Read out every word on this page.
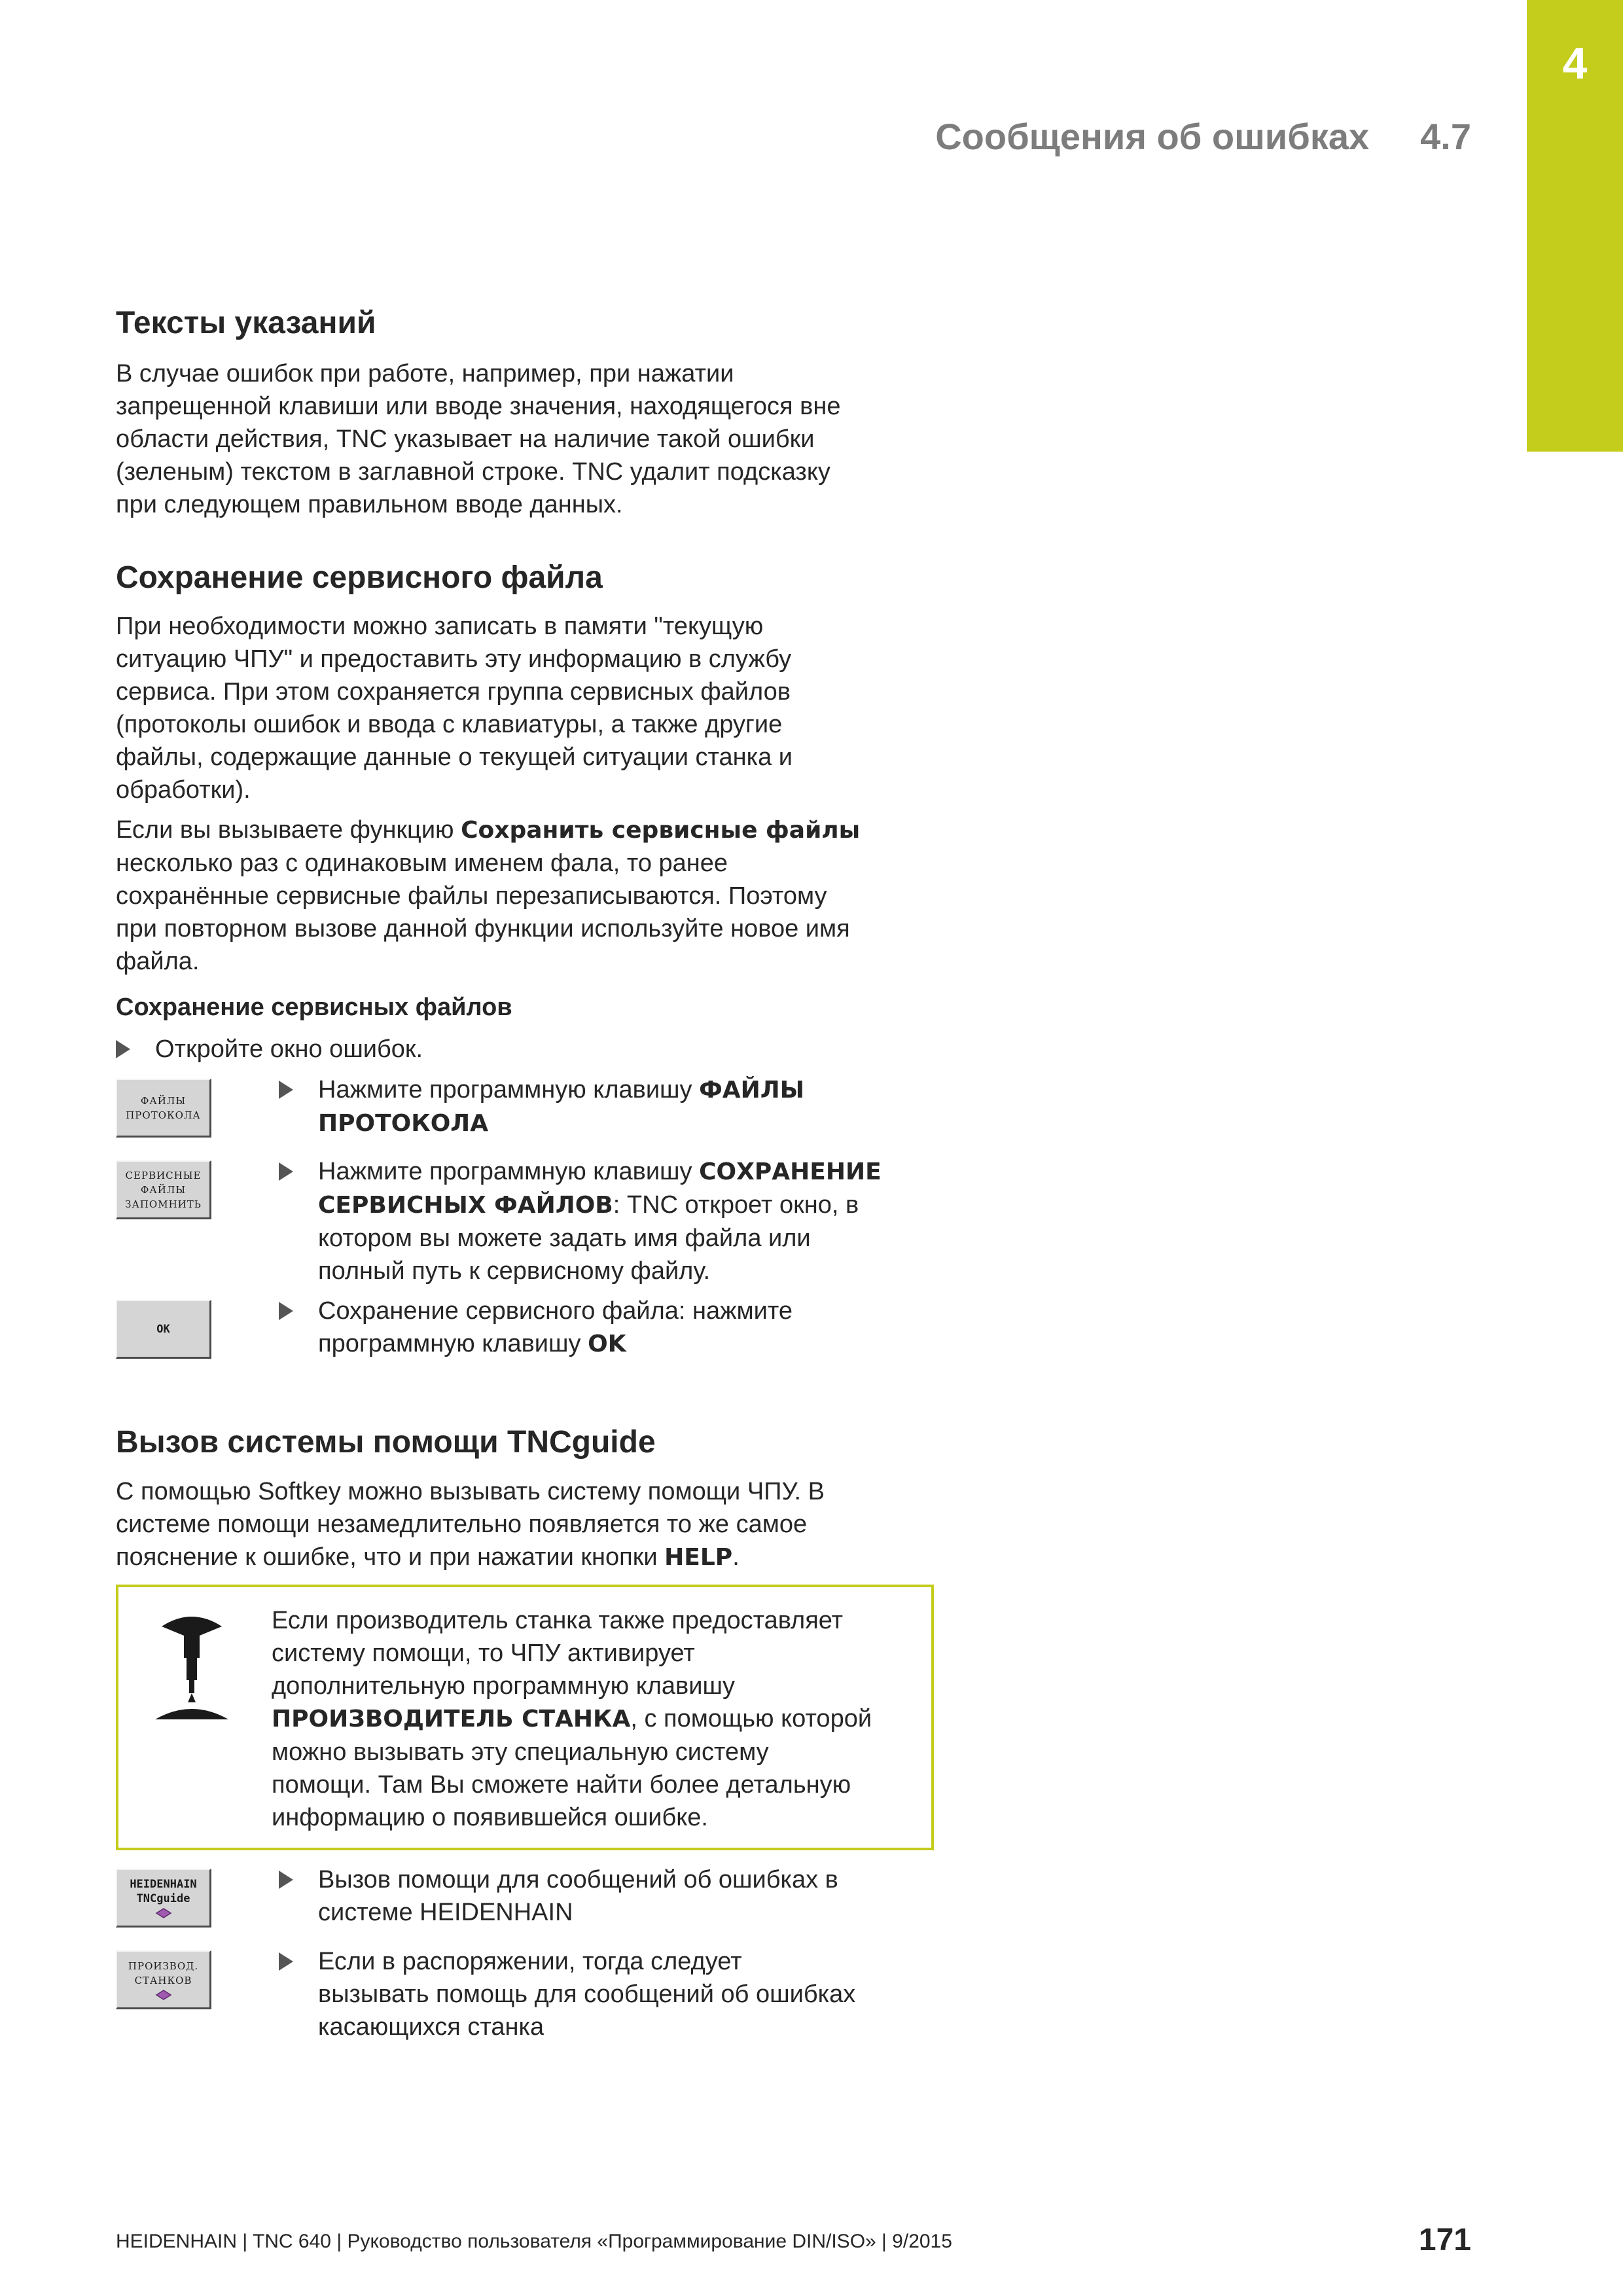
4
Сообщения об ошибках 4.7
Тексты указаний
В случае ошибок при работе, например, при нажатии
запрещенной клавиши или вводе значения, находящегося вне
области действия, TNC указывает на наличие такой ошибки
(зеленым) текстом в заглавной строке. TNC удалит подсказку
при следующем правильном вводе данных.
Сохранение сервисного файла
При необходимости можно записать в памяти "текущую
ситуацию ЧПУ" и предоставить эту информацию в службу
сервиса. При этом сохраняется группа сервисных файлов
(протоколы ошибок и ввода с клавиатуры, а также другие
файлы, содержащие данные о текущей ситуации станка и
обработки).
Если вы вызываете функцию Сохранить сервисные файлы
несколько раз с одинаковым именем фала, то ранее
сохранённые сервисные файлы перезаписываются. Поэтому
при повторном вызове данной функции используйте новое имя
файла.
Сохранение сервисных файлов
Откройте окно ошибок.
ФАЙЛЫ
ПРОТОКОЛА
Нажмите программную клавишу ФАЙЛЫ
ПРОТОКОЛА
СЕРВИСНЫЕ
ФАЙЛЫ
ЗАПОМНИТЬ
Нажмите программную клавишу СОХРАНЕНИЕ
СЕРВИСНЫХ ФАЙЛОВ: TNC откроет окно, в
котором вы можете задать имя файла или
полный путь к сервисному файлу.
OK
Сохранение сервисного файла: нажмите
программную клавишу OK
Вызов системы помощи TNCguide
С помощью Softkey можно вызывать систему помощи ЧПУ. В
системе помощи незамедлительно появляется то же самое
пояснение к ошибке, что и при нажатии кнопки HELP.
Если производитель станка также предоставляет
систему помощи, то ЧПУ активирует
дополнительную программную клавишу
ПРОИЗВОДИТЕЛЬ СТАНКА, с помощью которой
можно вызывать эту специальную систему
помощи. Там Вы сможете найти более детальную
информацию о появившейся ошибке.
HEIDENHAIN
TNCguide
Вызов помощи для сообщений об ошибках в
системе HEIDENHAIN
ПРОИЗВОД.
СТАНКОВ
Если в распоряжении, тогда следует
вызывать помощь для сообщений об ошибках
касающихся станка
HEIDENHAIN | TNC 640 | Руководство пользователя «Программирование DIN/ISO» | 9/2015	171
